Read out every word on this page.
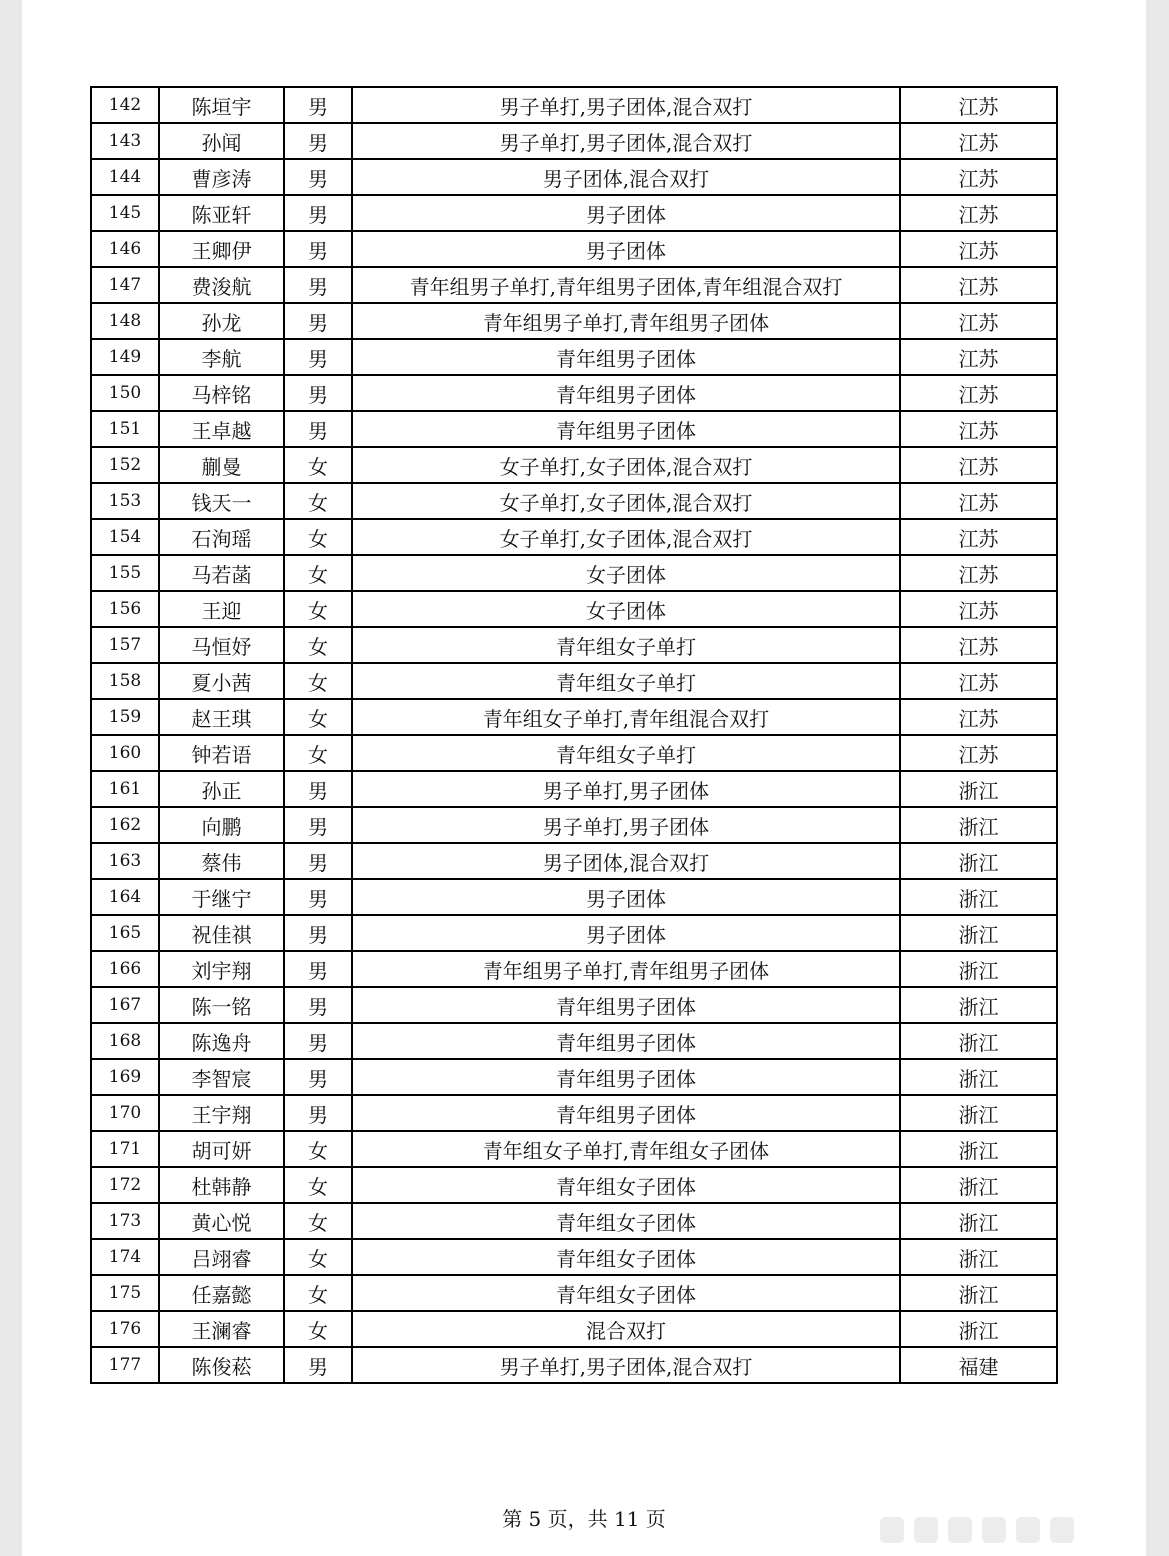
142	陈垣宇	男	男子单打,男子团体,混合双打	江苏
143	孙闻	男	男子单打,男子团体,混合双打	江苏
144	曹彦涛	男	男子团体,混合双打	江苏
145	陈亚轩	男	男子团体	江苏
146	王卿伊	男	男子团体	江苏
147	费浚航	男	青年组男子单打,青年组男子团体,青年组混合双打	江苏
148	孙龙	男	青年组男子单打,青年组男子团体	江苏
149	李航	男	青年组男子团体	江苏
150	马梓铭	男	青年组男子团体	江苏
151	王卓越	男	青年组男子团体	江苏
152	蒯曼	女	女子单打,女子团体,混合双打	江苏
153	钱天一	女	女子单打,女子团体,混合双打	江苏
154	石洵瑶	女	女子单打,女子团体,混合双打	江苏
155	马若菡	女	女子团体	江苏
156	王迎	女	女子团体	江苏
157	马恒妤	女	青年组女子单打	江苏
158	夏小茜	女	青年组女子单打	江苏
159	赵王琪	女	青年组女子单打,青年组混合双打	江苏
160	钟若语	女	青年组女子单打	江苏
161	孙正	男	男子单打,男子团体	浙江
162	向鹏	男	男子单打,男子团体	浙江
163	蔡伟	男	男子团体,混合双打	浙江
164	于继宁	男	男子团体	浙江
165	祝佳祺	男	男子团体	浙江
166	刘宇翔	男	青年组男子单打,青年组男子团体	浙江
167	陈一铭	男	青年组男子团体	浙江
168	陈逸舟	男	青年组男子团体	浙江
169	李智宸	男	青年组男子团体	浙江
170	王宇翔	男	青年组男子团体	浙江
171	胡可妍	女	青年组女子单打,青年组女子团体	浙江
172	杜韩静	女	青年组女子团体	浙江
173	黄心悦	女	青年组女子团体	浙江
174	吕翊睿	女	青年组女子团体	浙江
175	任嘉懿	女	青年组女子团体	浙江
176	王澜睿	女	混合双打	浙江
177	陈俊菘	男	男子单打,男子团体,混合双打	福建
第 5 页，共 11 页
